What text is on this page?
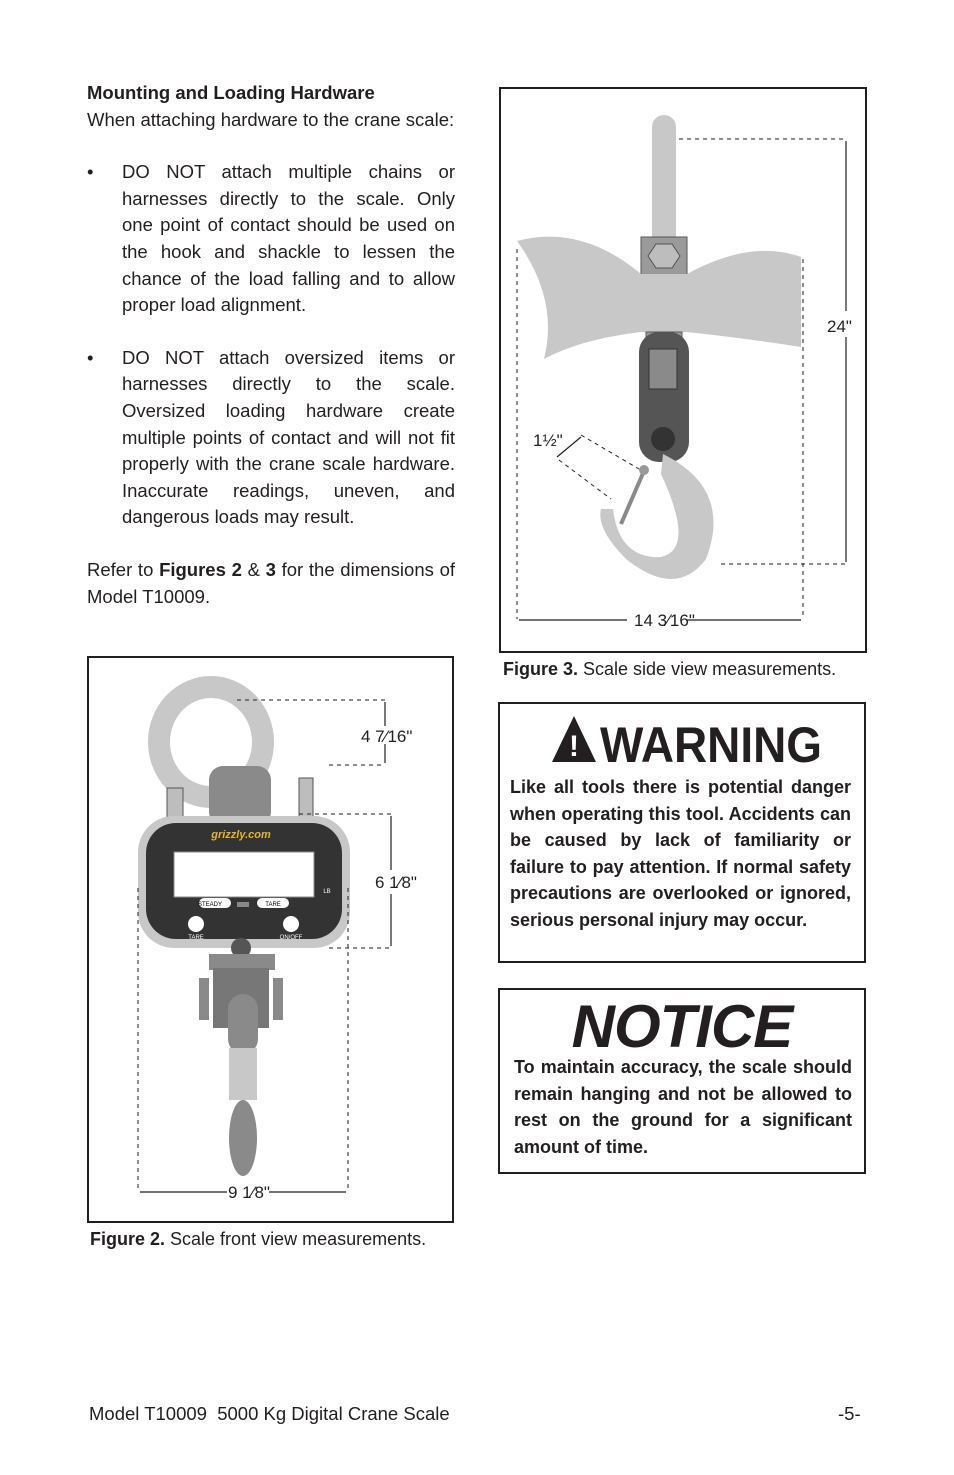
Mounting and Loading Hardware
When attaching hardware to the crane scale:
• DO NOT attach multiple chains or harnesses directly to the scale. Only one point of contact should be used on the hook and shackle to lessen the chance of the load falling and to allow proper load alignment.
• DO NOT attach oversized items or harnesses directly to the scale. Oversized loading hardware create multiple points of contact and will not fit properly with the crane scale hardware. Inaccurate readings, uneven, and dangerous loads may result.
Refer to Figures 2 & 3 for the dimensions of Model T10009.
grizzly.com
STEADY	TARE
LB
TARE	ON/OFF
4 7⁄16"
6 1⁄8"
9 1⁄8"
Figure 2. Scale front view measurements.
24"
1½"
14 3⁄16"
Figure 3. Scale side view measurements.
! WARNING
Like all tools there is potential danger when operating this tool. Accidents can be caused by lack of familiarity or failure to pay attention. If normal safety precautions are overlooked or ignored, serious personal injury may occur.
NOTICE
To maintain accuracy, the scale should remain hanging and not be allowed to rest on the ground for a significant amount of time.
Model T10009  5000 Kg Digital Crane Scale	-5-
